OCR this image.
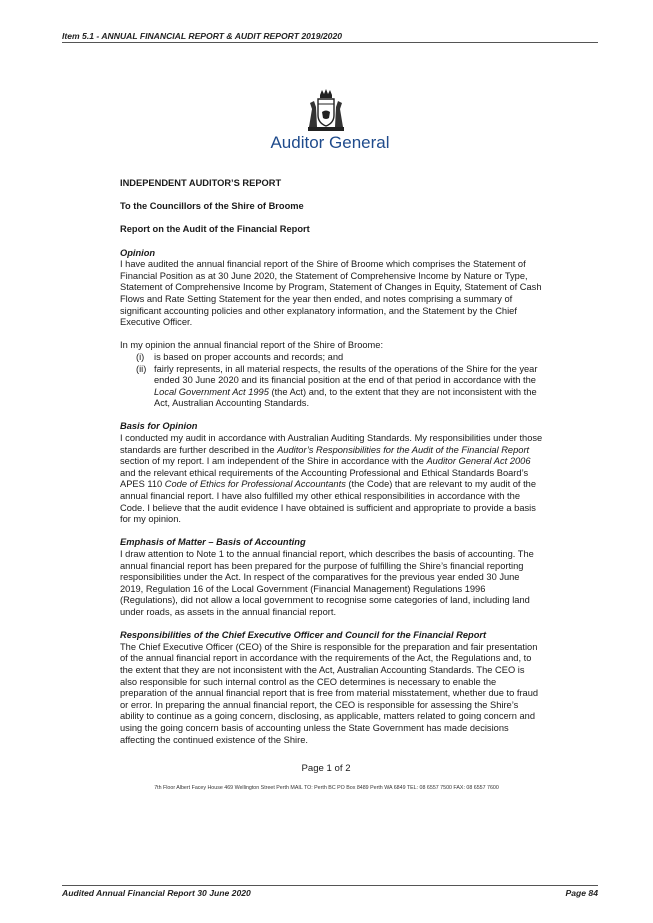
Item 5.1 - ANNUAL FINANCIAL REPORT & AUDIT REPORT 2019/2020
Auditor General

INDEPENDENT AUDITOR’S REPORT

To the Councillors of the Shire of Broome

Report on the Audit of the Financial Report

Opinion

I have audited the annual financial report of the Shire of Broome which comprises the Statement of Financial Position as at 30 June 2020, the Statement of Comprehensive Income by Nature or Type, Statement of Comprehensive Income by Program, Statement of Changes in Equity, Statement of Cash Flows and Rate Setting Statement for the year then ended, and notes comprising a summary of significant accounting policies and other explanatory information, and the Statement by the Chief Executive Officer.

In my opinion the annual financial report of the Shire of Broome:

(i)	is based on proper accounts and records; and
(ii) fairly represents, in all material respects, the results of the operations of the Shire for the year ended 30 June 2020 and its financial position at the end of that period in accordance with the Local Government Act 1995 (the Act) and, to the extent that they are not inconsistent with the Act, Australian Accounting Standards.

Basis for Opinion

I conducted my audit in accordance with Australian Auditing Standards. My responsibilities under those standards are further described in the Auditor’s Responsibilities for the Audit of the Financial Report section of my report. I am independent of the Shire in accordance with the Auditor General Act 2006 and the relevant ethical requirements of the Accounting Professional and Ethical Standards Board’s APES 110 Code of Ethics for Professional Accountants (the Code) that are relevant to my audit of the annual financial report. I have also fulfilled my other ethical responsibilities in accordance with the Code. I believe that the audit evidence I have obtained is sufficient and appropriate to provide a basis for my opinion.

Emphasis of Matter – Basis of Accounting

I draw attention to Note 1 to the annual financial report, which describes the basis of accounting. The annual financial report has been prepared for the purpose of fulfilling the Shire’s financial reporting responsibilities under the Act. In respect of the comparatives for the previous year ended 30 June 2019, Regulation 16 of the Local Government (Financial Management) Regulations 1996 (Regulations), did not allow a local government to recognise some categories of land, including land under roads, as assets in the annual financial report.

Responsibilities of the Chief Executive Officer and Council for the Financial Report

The Chief Executive Officer (CEO) of the Shire is responsible for the preparation and fair presentation of the annual financial report in accordance with the requirements of the Act, the Regulations and, to the extent that they are not inconsistent with the Act, Australian Accounting Standards. The CEO is also responsible for such internal control as the CEO determines is necessary to enable the preparation of the annual financial report that is free from material misstatement, whether due to fraud or error. In preparing the annual financial report, the CEO is responsible for assessing the Shire’s ability to continue as a going concern, disclosing, as applicable, matters related to going concern and using the going concern basis of accounting unless the State Government has made decisions affecting the continued existence of the Shire.

Page 1 of 2
7th Floor Albert Facey House 469 Wellington Street Perth MAIL TO: Perth BC PO Box 8489 Perth WA 6849 TEL: 08 6557 7500 FAX: 08 6557 7600
Audited Annual Financial Report 30 June 2020	Page 84
